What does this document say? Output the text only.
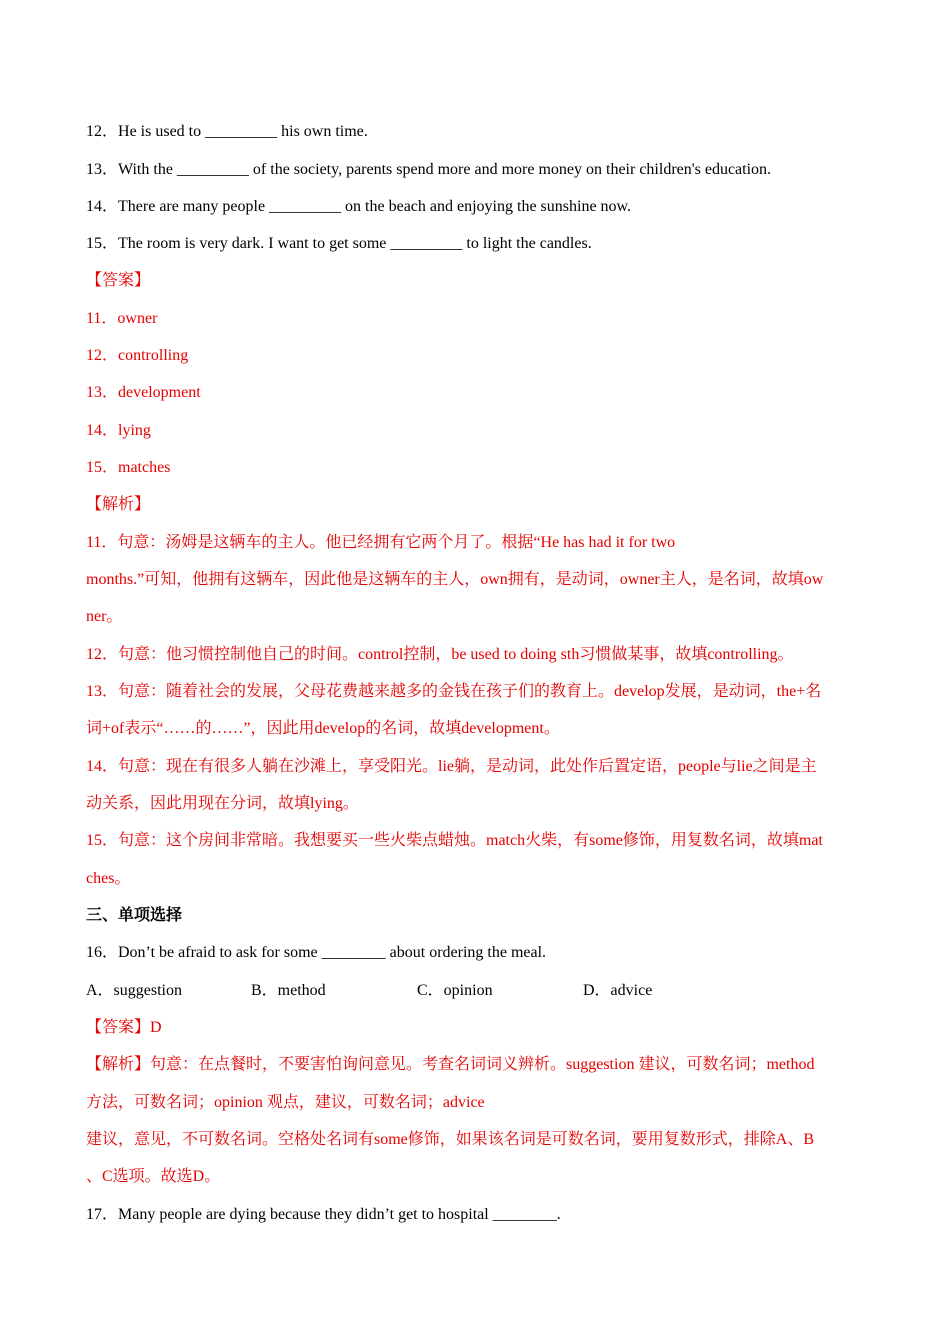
12．He is used to _________ his own time.
13．With the _________ of the society, parents spend more and more money on their children's education.
14．There are many people _________ on the beach and enjoying the sunshine now.
15．The room is very dark. I want to get some _________ to light the candles.
【答案】
11．owner
12．controlling
13．development
14．lying
15．matches
【解析】
11．句意：汤姆是这辆车的主人。他已经拥有它两个月了。根据“He has had it for two
months.”可知，他拥有这辆车，因此他是这辆车的主人，own拥有，是动词，owner主人，是名词，故填ow
ner。
12．句意：他习惯控制他自己的时间。control控制，be used to doing sth习惯做某事，故填controlling。
13．句意：随着社会的发展，父母花费越来越多的金钱在孩子们的教育上。develop发展，是动词，the+名
词+of表示“……的……”，因此用develop的名词，故填development。
14．句意：现在有很多人躺在沙滩上，享受阳光。lie躺，是动词，此处作后置定语，people与lie之间是主
动关系，因此用现在分词，故填lying。
15．句意：这个房间非常暗。我想要买一些火柴点蜡烛。match火柴，有some修饰，用复数名词，故填mat
ches。
三、单项选择
16．Don’t be afraid to ask for some ________ about ordering the meal.
A．suggestion	B．method	C．opinion	D．advice
【答案】D
【解析】句意：在点餐时，不要害怕询问意见。考查名词词义辨析。suggestion 建议，可数名词；method
方法，可数名词；opinion 观点，建议，可数名词；advice
建议，意见，不可数名词。空格处名词有some修饰，如果该名词是可数名词，要用复数形式，排除A、B
、C选项。故选D。
17．Many people are dying because they didn’t get to hospital ________.
